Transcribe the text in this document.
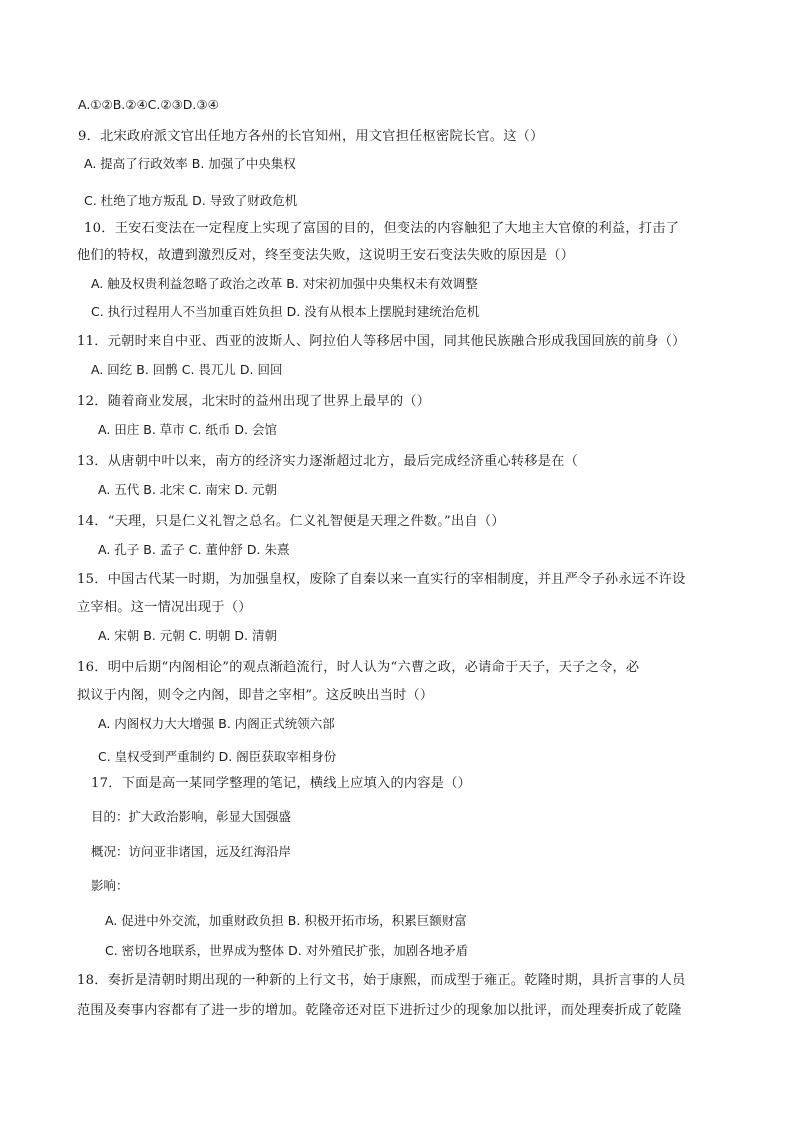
A.①②B.②④C.②③D.③④
9．北宋政府派文官出任地方各州的长官知州，用文官担任枢密院长官。这（）
A. 提高了行政效率 B. 加强了中央集权
C. 杜绝了地方叛乱 D. 导致了财政危机
10．王安石变法在一定程度上实现了富国的目的，但变法的内容触犯了大地主大官僚的利益，打击了
他们的特权，故遭到激烈反对，终至变法失败，这说明王安石变法失败的原因是（）
A. 触及权贵利益忽略了政治之改革 B. 对宋初加强中央集权未有效调整
C. 执行过程用人不当加重百姓负担 D. 没有从根本上摆脱封建统治危机
11．元朝时来自中亚、西亚的波斯人、阿拉伯人等移居中国，同其他民族融合形成我国回族的前身（）
A. 回纥 B. 回鹘 C. 畏兀儿 D. 回回
12．随着商业发展，北宋时的益州出现了世界上最早的（）
A. 田庄 B. 草市 C. 纸币 D. 会馆
13．从唐朝中叶以来，南方的经济实力逐渐超过北方，最后完成经济重心转移是在（
A. 五代 B. 北宋 C. 南宋 D. 元朝
14．“天理，只是仁义礼智之总名。仁义礼智便是天理之件数。”出自（）
A. 孔子 B. 孟子 C. 董仲舒 D. 朱熹
15．中国古代某一时期，为加强皇权，废除了自秦以来一直实行的宰相制度，并且严令子孙永远不许设
立宰相。这一情况出现于（）
A. 宋朝 B. 元朝 C. 明朝 D. 清朝
16．明中后期“内阁相论”的观点渐趋流行，时人认为“六曹之政，必请命于天子，天子之令，必
拟议于内阁，则令之内阁，即昔之宰相”。这反映出当时（）
A. 内阁权力大大增强 B. 内阁正式统领六部
C. 皇权受到严重制约 D. 阁臣获取宰相身份
17．下面是高一某同学整理的笔记，横线上应填入的内容是（）
目的：扩大政治影响，彰显大国强盛
概况：访问亚非诸国，远及红海沿岸
影响：
A. 促进中外交流，加重财政负担 B. 积极开拓市场，积累巨额财富
C. 密切各地联系，世界成为整体 D. 对外殖民扩张，加剧各地矛盾
18．奏折是清朝时期出现的一种新的上行文书，始于康熙，而成型于雍正。乾隆时期，具折言事的人员
范围及奏事内容都有了进一步的增加。乾隆帝还对臣下进折过少的现象加以批评，而处理奏折成了乾隆
